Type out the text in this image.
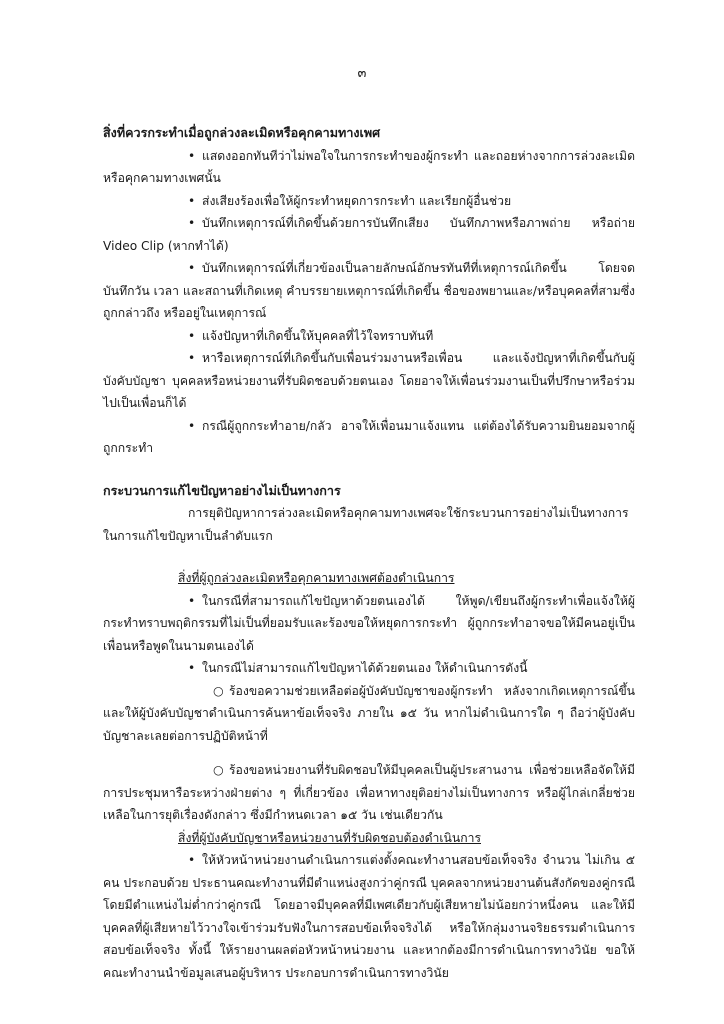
๓

สิ่งที่ควรกระทำเมื่อถูกล่วงละเมิดหรือคุกคามทางเพศ

• แสดงออกทันทีว่าไม่พอใจในการกระทำของผู้กระทำ และถอยห่างจากการล่วงละเมิดหรือคุกคามทางเพศนั้น

• ส่งเสียงร้องเพื่อให้ผู้กระทำหยุดการกระทำ และเรียกผู้อื่นช่วย

• บันทึกเหตุการณ์ที่เกิดขึ้นด้วยการบันทึกเสียง บันทึกภาพหรือภาพถ่าย หรือถ่าย Video Clip (หากทำได้)

• บันทึกเหตุการณ์ที่เกี่ยวข้องเป็นลายลักษณ์อักษรทันทีที่เหตุการณ์เกิดขึ้น โดยจดบันทึกวัน เวลา และสถานที่เกิดเหตุ คำบรรยายเหตุการณ์ที่เกิดขึ้น ชื่อของพยานและ/หรือบุคคลที่สามซึ่งถูกกล่าวถึง หรืออยู่ในเหตุการณ์

• แจ้งปัญหาที่เกิดขึ้นให้บุคคลที่ไว้ใจทราบทันที

• หารือเหตุการณ์ที่เกิดขึ้นกับเพื่อนร่วมงานหรือเพื่อน และแจ้งปัญหาที่เกิดขึ้นกับผู้บังคับบัญชา บุคคลหรือหน่วยงานที่รับผิดชอบด้วยตนเอง โดยอาจให้เพื่อนร่วมงานเป็นที่ปรึกษาหรือร่วมไปเป็นเพื่อนก็ได้

• กรณีผู้ถูกกระทำอาย/กลัว อาจให้เพื่อนมาแจ้งแทน แต่ต้องได้รับความยินยอมจากผู้ถูกกระทำ

กระบวนการแก้ไขปัญหาอย่างไม่เป็นทางการ

การยุติปัญหาการล่วงละเมิดหรือคุกคามทางเพศจะใช้กระบวนการอย่างไม่เป็นทางการในการแก้ไขปัญหาเป็นลำดับแรก

สิ่งที่ผู้ถูกล่วงละเมิดหรือคุกคามทางเพศต้องดำเนินการ

• ในกรณีที่สามารถแก้ไขปัญหาด้วยตนเองได้ ให้พูด/เขียนถึงผู้กระทำเพื่อแจ้งให้ผู้กระทำทราบพฤติกรรมที่ไม่เป็นที่ยอมรับและร้องขอให้หยุดการกระทำ ผู้ถูกกระทำอาจขอให้มีคนอยู่เป็นเพื่อนหรือพูดในนามตนเองได้

• ในกรณีไม่สามารถแก้ไขปัญหาได้ด้วยตนเอง ให้ดำเนินการดังนี้

○ ร้องขอความช่วยเหลือต่อผู้บังคับบัญชาของผู้กระทำ หลังจากเกิดเหตุการณ์ขึ้นและให้ผู้บังคับบัญชาดำเนินการค้นหาข้อเท็จจริง ภายใน ๑๕ วัน หากไม่ดำเนินการใด ๆ ถือว่าผู้บังคับบัญชาละเลยต่อการปฏิบัติหน้าที่

○ ร้องขอหน่วยงานที่รับผิดชอบให้มีบุคคลเป็นผู้ประสานงาน เพื่อช่วยเหลือจัดให้มีการประชุมหารือระหว่างฝ่ายต่าง ๆ ที่เกี่ยวข้อง เพื่อหาทางยุติอย่างไม่เป็นทางการ หรือผู้ไกล่เกลี่ยช่วยเหลือในการยุติเรื่องดังกล่าว ซึ่งมีกำหนดเวลา ๑๕ วัน เช่นเดียวกัน

สิ่งที่ผู้บังคับบัญชาหรือหน่วยงานที่รับผิดชอบต้องดำเนินการ

• ให้หัวหน้าหน่วยงานดำเนินการแต่งตั้งคณะทำงานสอบข้อเท็จจริง จำนวน ไม่เกิน ๕ คน ประกอบด้วย ประธานคณะทำงานที่มีตำแหน่งสูงกว่าคู่กรณี บุคคลจากหน่วยงานต้นสังกัดของคู่กรณีโดยมีตำแหน่งไม่ต่ำกว่าคู่กรณี โดยอาจมีบุคคลที่มีเพศเดียวกับผู้เสียหายไม่น้อยกว่าหนึ่งคน และให้มีบุคคลที่ผู้เสียหายไว้วางใจเข้าร่วมรับฟังในการสอบข้อเท็จจริงได้ หรือให้กลุ่มงานจริยธรรมดำเนินการสอบข้อเท็จจริง ทั้งนี้ ให้รายงานผลต่อหัวหน้าหน่วยงาน และหากต้องมีการดำเนินการทางวินัย ขอให้คณะทำงานนำข้อมูลเสนอผู้บริหาร ประกอบการดำเนินการทางวินัย
